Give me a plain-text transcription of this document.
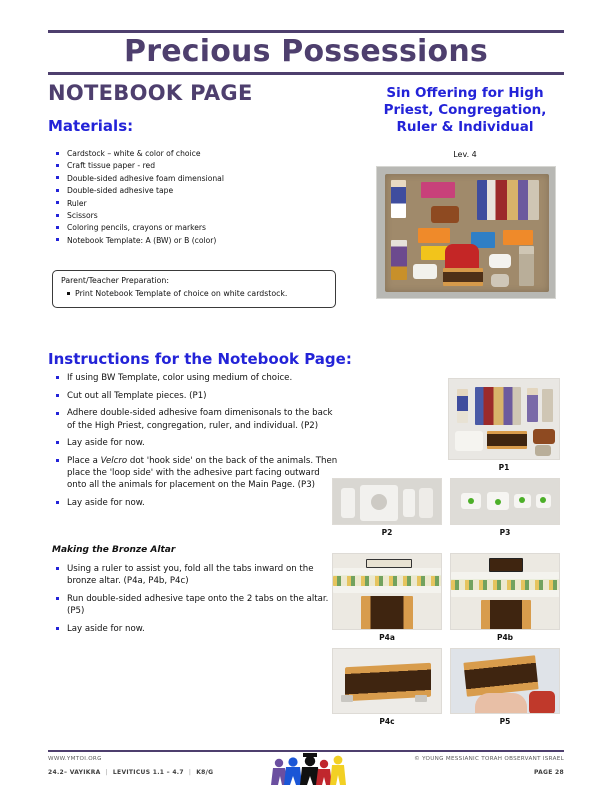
Precious Possessions
NOTEBOOK PAGE
Materials:
Cardstock – white & color of choice
Craft tissue paper - red
Double-sided adhesive foam dimensional
Double-sided adhesive tape
Ruler
Scissors
Coloring pencils, crayons or markers
Notebook Template: A (BW) or B (color)
Parent/Teacher Preparation:
Print Notebook Template of choice on white cardstock.
Instructions for the Notebook Page:
If using BW Template, color using medium of choice.
Cut out all Template pieces. (P1)
Adhere double-sided adhesive foam dimenisonals to the back of the High Priest, congregation, ruler, and individual. (P2)
Lay aside for now.
Place a Velcro dot 'hook side' on the back of the animals. Then place the 'loop side' with the adhesive part facing outward onto all the animals for placement on the Main Page. (P3)
Lay aside for now.
Making the Bronze Altar
Using a ruler to assist you, fold all the tabs inward on the bronze altar. (P4a, P4b, P4c)
Run double-sided adhesive tape onto the 2 tabs on the altar. (P5)
Lay aside for now.
Sin Offering for High
Priest, Congregation,
Ruler & Individual
Lev. 4
P1
P2	P3
P4a	P4b
P4c	P5
WWW.YMTOI.ORG
24.2– VAYIKRA | LEVITICUS 1.1 – 4.7 | K8/G
© YOUNG MESSIANIC TORAH OBSERVANT ISRAEL
PAGE 28
